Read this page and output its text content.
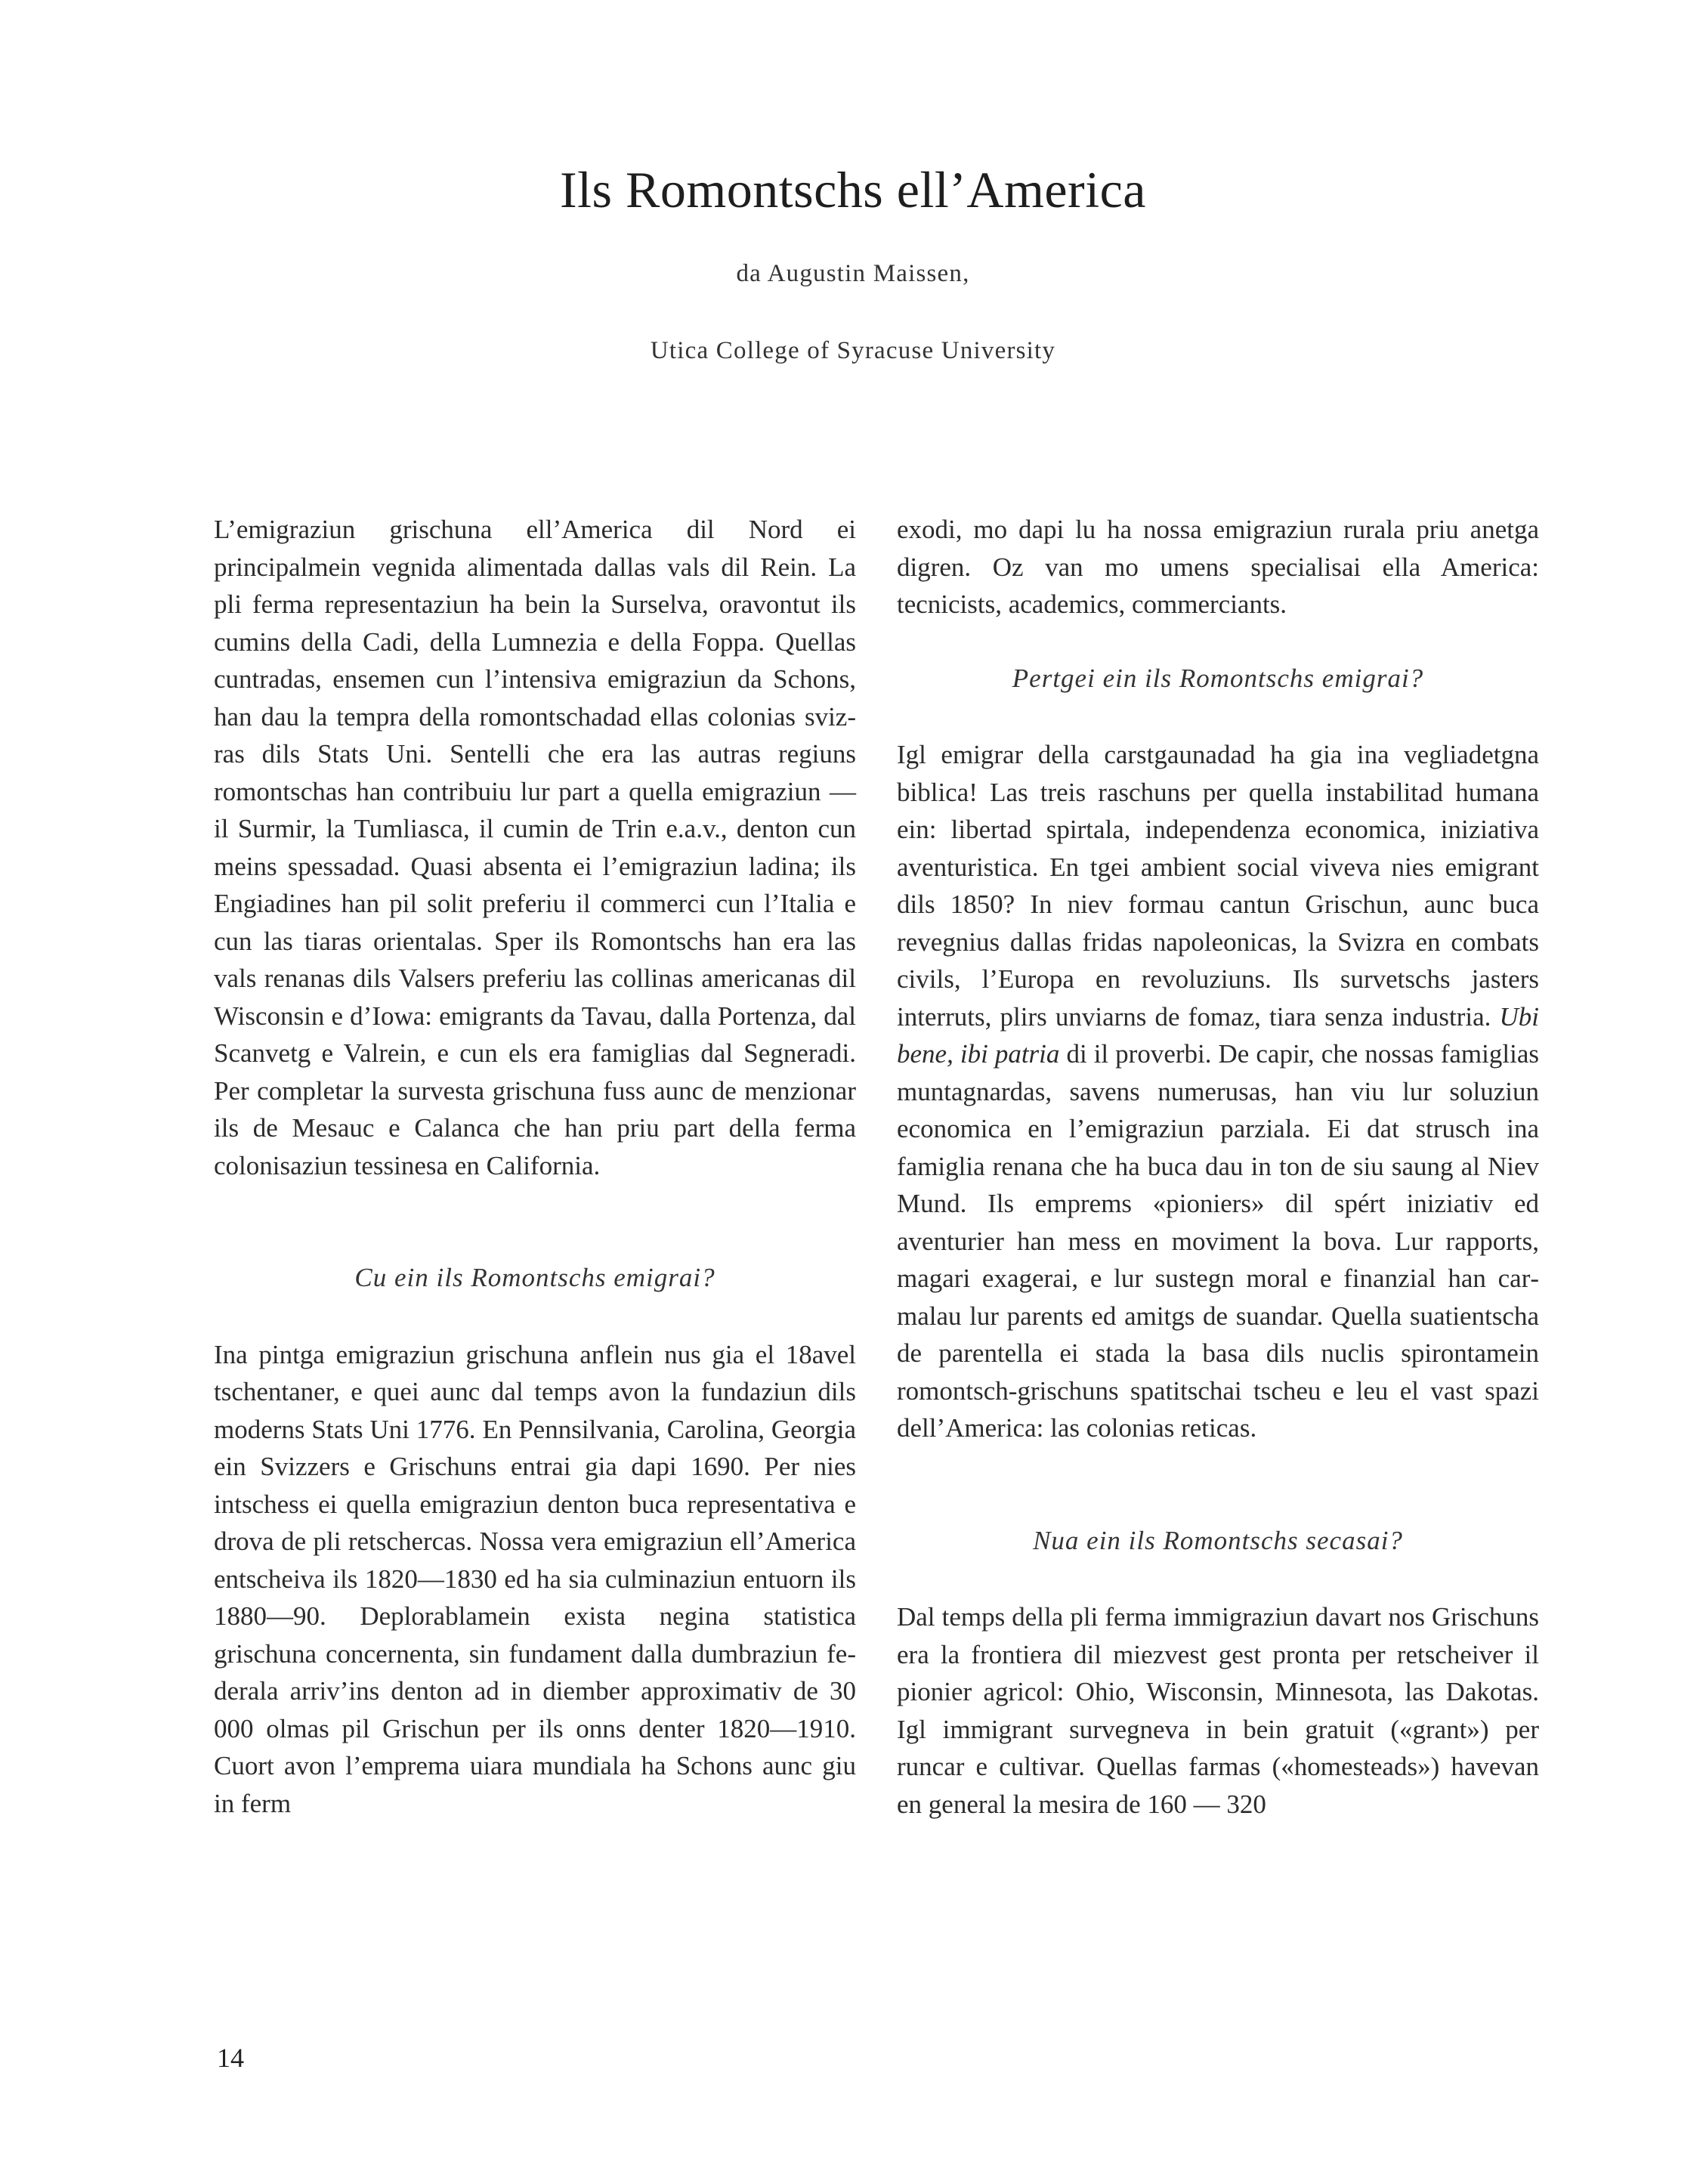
Ils Romontschs ell’America

da Augustin Maissen,

Utica College of Syracuse University

L’emigraziun grischuna ell’America dil Nord ei principalmein vegnida alimentada dallas vals dil Rein. La pli ferma representaziun ha bein la Surselva, oravontut ils cumins della Cadi, della Lumnezia e della Foppa. Quellas cuntradas, ensemen cun l’intensiva emigraziun da Schons, han dau la tempra della romontschadad ellas colonias svizras dils Stats Uni. Sentelli che era las autras regiuns romontschas han contribuiu lur part a quella emigraziun — il Surmir, la Tumliasca, il cumin de Trin e.a.v., denton cun meins spessadad. Quasi absenta ei l’emigraziun ladina; ils Engiadines han pil solit preferiu il commerci cun l’Italia e cun las tiaras orientalas. Sper ils Romontschs han era las vals renanas dils Valsers preferiu las collinas americanas dil Wisconsin e d’Iowa: emigrants da Tavau, dalla Portenza, dal Scanvetg e Valrein, e cun els era famiglias dal Segneradi. Per completar la survesta grischuna fuss aunc de menzionar ils de Mesauc e Calanca che han priu part della ferma colonisaziun tessinesa en California.

Cu ein ils Romontschs emigrai?

Ina pintga emigraziun grischuna anflein nus gia el 18avel tschentaner, e quei aunc dal temps avon la fundaziun dils moderns Stats Uni 1776. En Pennsilvania, Carolina, Georgia ein Svizzers e Grischuns entrai gia dapi 1690. Per nies intschess ei quella emigraziun denton buca representativa e drova de pli retschercas. Nossa vera emigraziun ell’America entscheiva ils 1820—1830 ed ha sia culminaziun entuorn ils 1880—90. Deplorablamein exista negina statistica grischuna concernenta, sin fundament dalla dumbraziun federala arriv’ins denton ad in diember approximativ de 30 000 olmas pil Grischun per ils onns denter 1820—1910. Cuort avon l’emprema uiara mundiala ha Schons aunc giu in ferm

exodi, mo dapi lu ha nossa emigraziun rurala priu anetga digren. Oz van mo umens specialisai ella America: tecnicists, academics, commerciants.

Pertgei ein ils Romontschs emigrai?

Igl emigrar della carstgaunadad ha gia ina vegliadetgna biblica! Las treis raschuns per quella instabilitad humana ein: libertad spirtala, independenza economica, iniziativa aventuristica. En tgei ambient social viveva nies emigrant dils 1850? In niev formau cantun Grischun, aunc buca revegnius dallas fridas napoleonicas, la Svizra en combats civils, l’Europa en revoluziuns. Ils survetschs jasters interruts, plirs unviarns de fomaz, tiara senza industria. Ubi bene, ibi patria di il proverbi. De capir, che nossas famiglias muntagnardas, savens numerusas, han viu lur soluziun economica en l’emigraziun parziala. Ei dat strusch ina famiglia renana che ha buca dau in ton de siu saung al Niev Mund. Ils emprems «pioniers» dil spért iniziativ ed aventurier han mess en moviment la bova. Lur rapports, magari exagerai, e lur sustegn moral e finanzial han carmalau lur parents ed amitgs de suandar. Quella suatientscha de parentella ei stada la basa dils nuclis spirontamein romontsch-grischuns spatitschai tscheu e leu el vast spazi dell’America: las colonias reticas.

Nua ein ils Romontschs secasai?

Dal temps della pli ferma immigraziun davart nos Grischuns era la frontiera dil miezvest gest pronta per retscheiver il pionier agricol: Ohio, Wisconsin, Minnesota, las Dakotas. Igl immigrant survegneva in bein gratuit («grant») per runcar e cultivar. Quellas farmas («homesteads») havevan en general la mesira de 160 — 320

14
